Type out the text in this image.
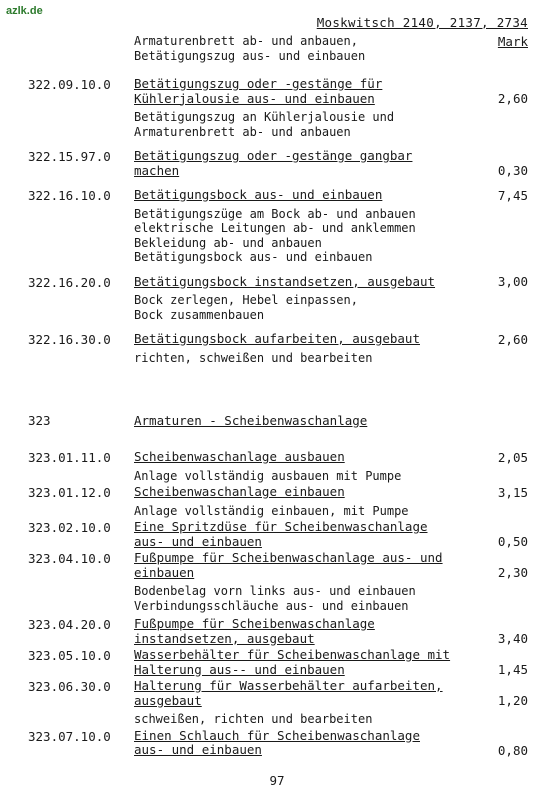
azlk.de
Moskwitsch 2140, 2137, 2734
Mark
Armaturenbrett ab- und anbauen,
Betätigungszug aus- und einbauen
322.09.10.0 Betätigungszug oder -gestänge für Kühlerjalousie aus- und einbauen	2,60
Betätigungszug an Kühlerjalousie und
Armaturenbrett ab- und anbauen
322.15.97.0 Betätigungszug oder -gestänge gangbar machen	0,30
322.16.10.0 Betätigungsbock aus- und einbauen	7,45
Betätigungszüge am Bock ab- und anbauen
elektrische Leitungen ab- und anklemmen
Bekleidung ab- und anbauen
Betätigungsbock aus- und einbauen
322.16.20.0 Betätigungsbock instandsetzen, ausgebaut	3,00
Bock zerlegen, Hebel einpassen,
Bock zusammenbauen
322.16.30.0 Betätigungsbock aufarbeiten, ausgebaut	2,60
richten, schweißen und bearbeiten
323	Armaturen - Scheibenwaschanlage
323.01.11.0 Scheibenwaschanlage ausbauen	2,05
Anlage vollständig ausbauen mit Pumpe
323.01.12.0 Scheibenwaschanlage einbauen	3,15
Anlage vollständig einbauen, mit Pumpe
323.02.10.0 Eine Spritzdüse für Scheibenwaschanlage aus- und einbauen	0,50
323.04.10.0 Fußpumpe für Scheibenwaschanlage aus- und einbauen	2,30
Bodenbelag vorn links aus- und einbauen
Verbindungsschläuche aus- und einbauen
323.04.20.0 Fußpumpe für Scheibenwaschanlage instandsetzen, ausgebaut	3,40
323.05.10.0 Wasserbehälter für Scheibenwaschanlage mit Halterung aus-- und einbauen	1,45
323.06.30.0 Halterung für Wasserbehälter aufarbeiten, ausgebaut	1,20
schweißen, richten und bearbeiten
323.07.10.0 Einen Schlauch für Scheibenwaschanlage aus- und einbauen	0,80
97
